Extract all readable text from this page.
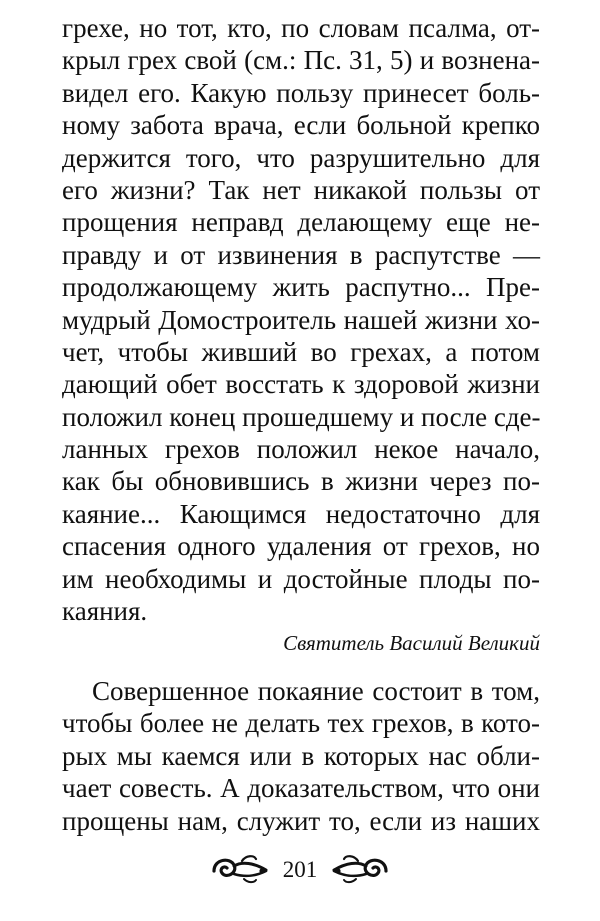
грехе, но тот, кто, по словам псалма, от-
крыл грех свой (см.: Пс. 31, 5) и вознена-
видел его. Какую пользу принесет боль-
ному забота врача, если больной крепко
держится того, что разрушительно для
его жизни? Так нет никакой пользы от
прощения неправд делающему еще не-
правду и от извинения в распутстве —
продолжающему жить распутно... Пре-
мудрый Домостроитель нашей жизни хо-
чет, чтобы живший во грехах, а потом
дающий обет восстать к здоровой жизни
положил конец прошедшему и после сде-
ланных грехов положил некое начало,
как бы обновившись в жизни через по-
каяние... Кающимся недостаточно для
спасения одного удаления от грехов, но
им необходимы и достойные плоды по-
каяния.
Святитель Василий Великий
Совершенное покаяние состоит в том,
чтобы более не делать тех грехов, в кото-
рых мы каемся или в которых нас обли-
чает совесть. А доказательством, что они
прощены нам, служит то, если из наших
201
